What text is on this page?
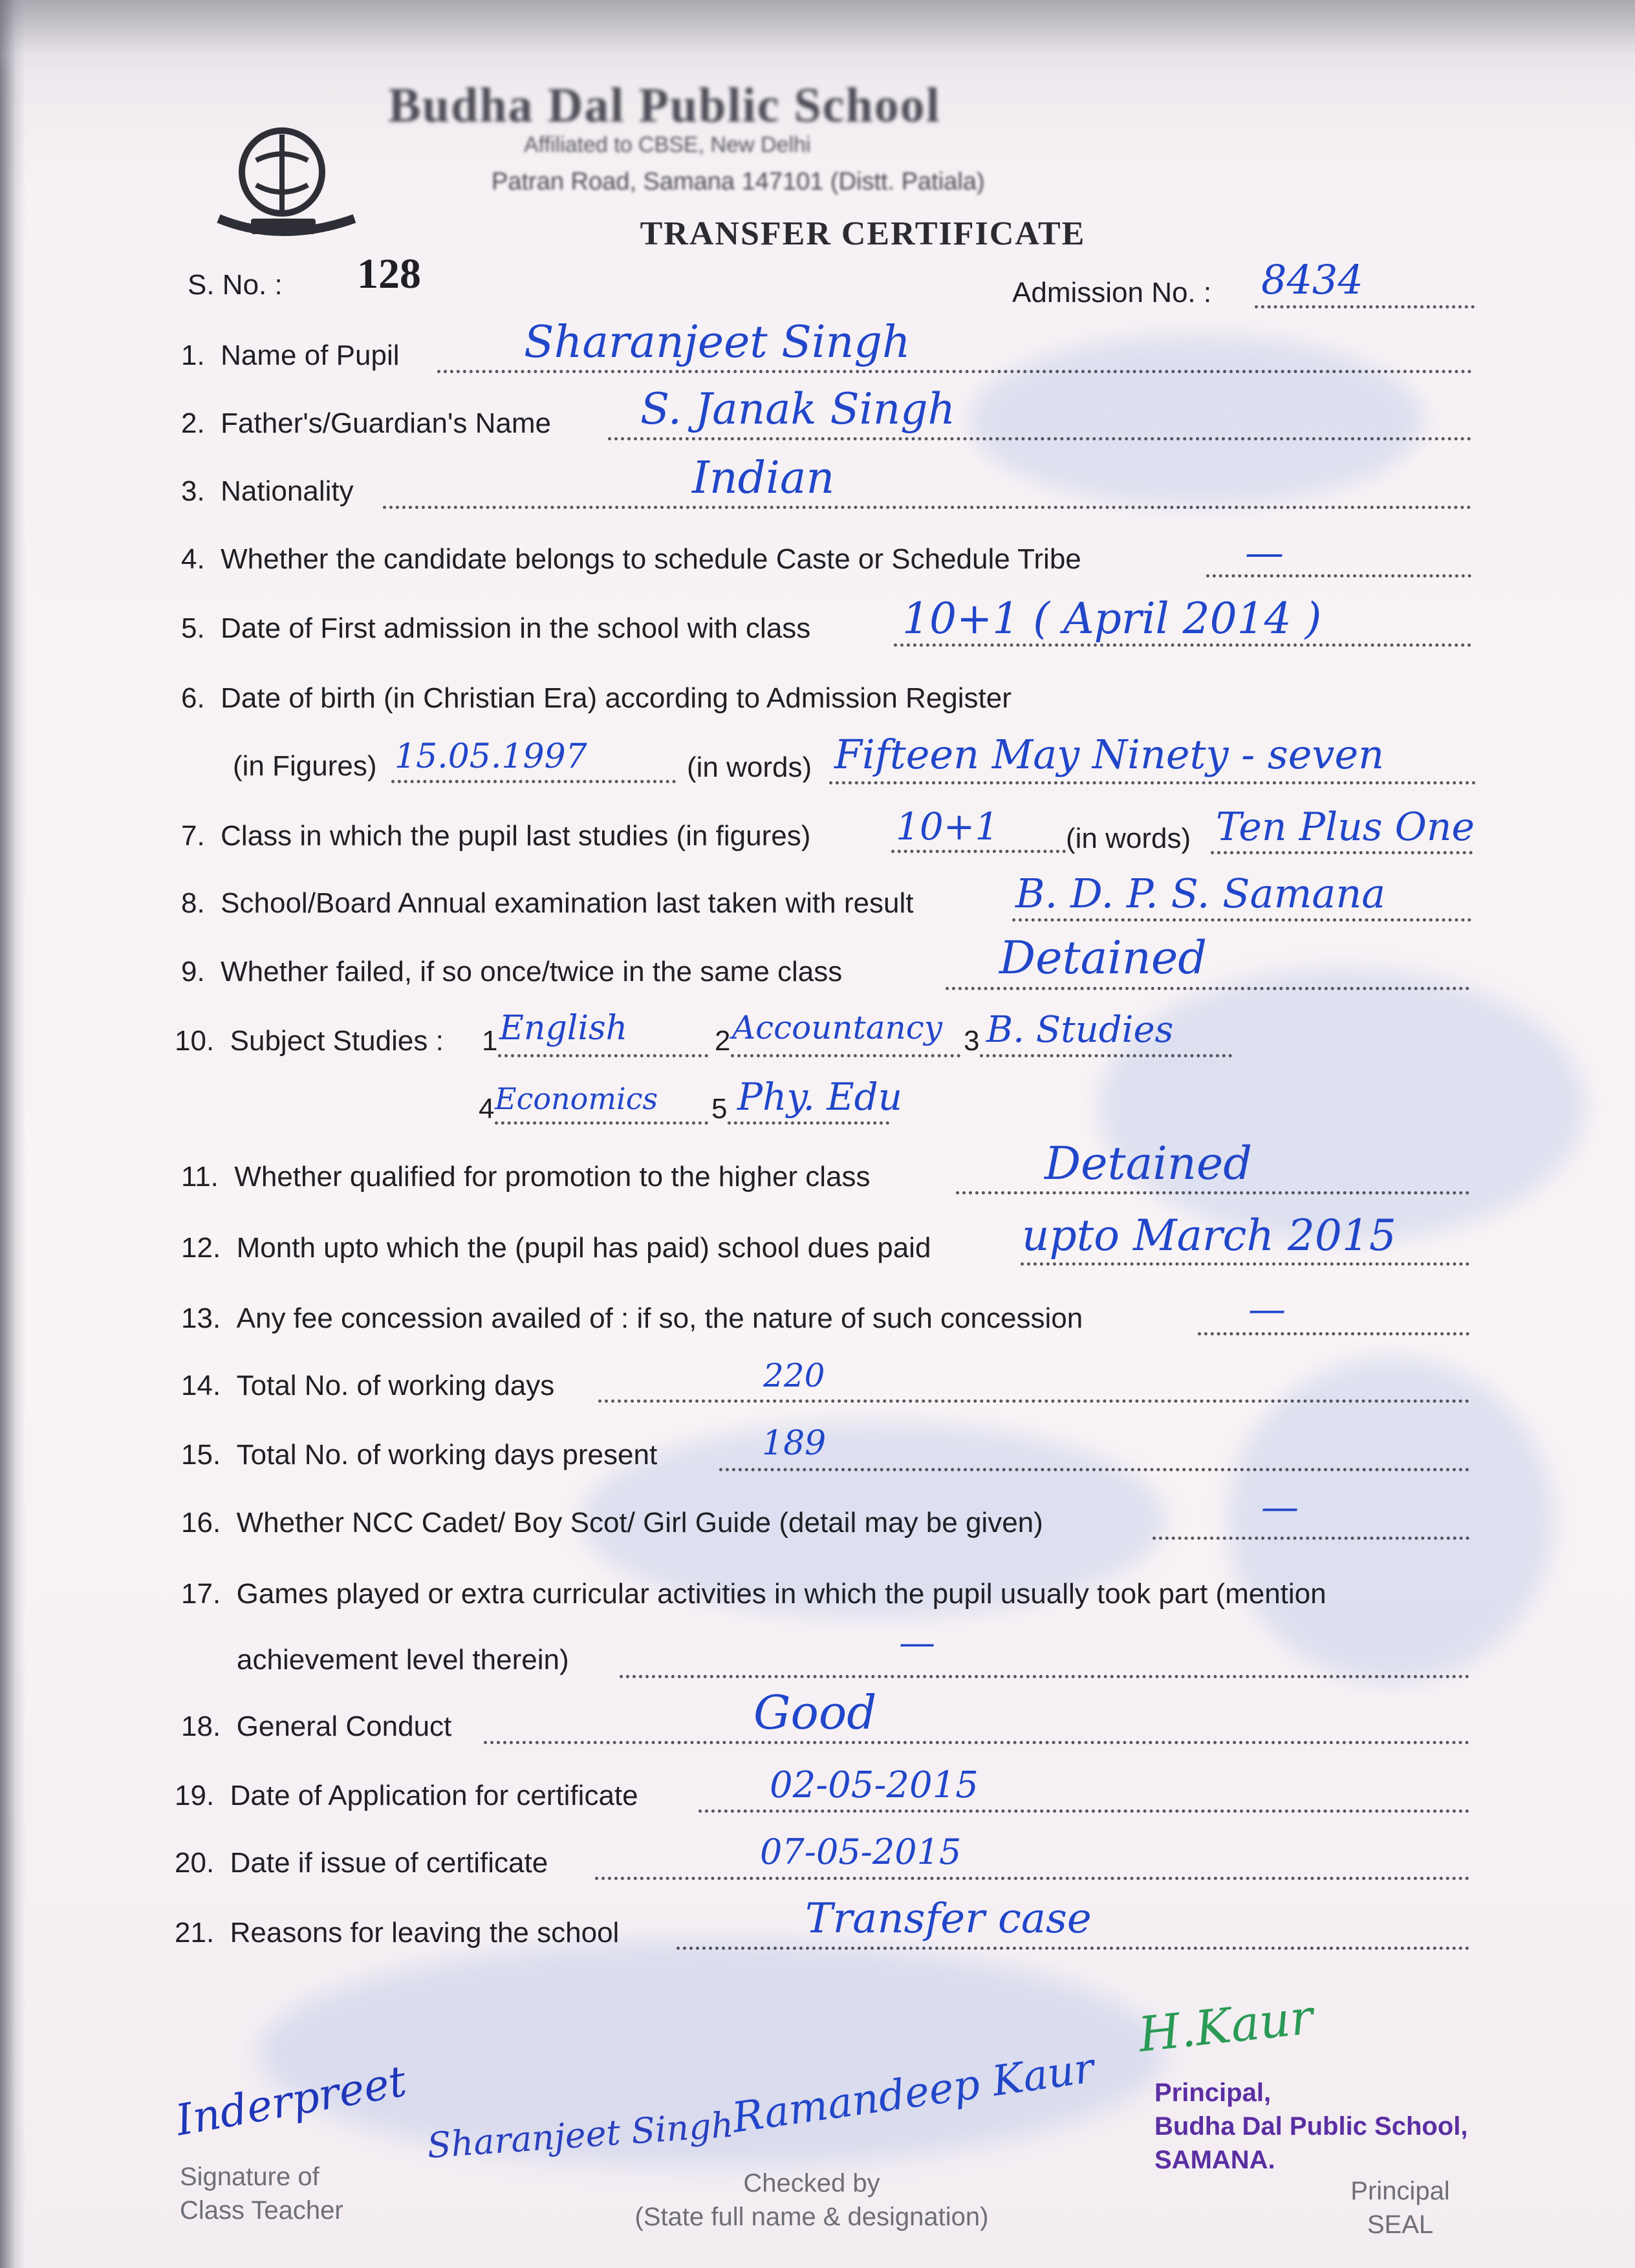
Budha Dal Public School
Affiliated to CBSE, New Delhi
Patran Road, Samana 147101 (Distt. Patiala)
TRANSFER CERTIFICATE
S. No. : 128	Admission No. : 8434
1. Name of Pupil	Sharanjeet Singh
2. Father's/Guardian's Name S. Janak Singh
3. Nationality	Indian
4. Whether the candidate belongs to schedule Caste or Schedule Tribe	—
5. Date of First admission in the school with class 10+1 ( April 2014 )
6. Date of birth (in Christian Era) according to Admission Register
(in Figures) 15.05.1997	(in words) Fifteen May Ninety - seven
7. Class in which the pupil last studies (in figures) 10+1 (in words) Ten Plus One
8. School/Board Annual examination last taken with result	B. D. P. S. Samana
9. Whether failed, if so once/twice in the same class	Detained
10. Subject Studies : 1 English	2 Accountancy 3 B. Studies
4 Economics 5 Phy. Edu
11. Whether qualified for promotion to the higher class	Detained
12. Month upto which the (pupil has paid) school dues paid upto March 2015
13. Any fee concession availed of : if so, the nature of such concession	—
14. Total No. of working days	220
15. Total No. of working days present	189
16. Whether NCC Cadet/ Boy Scot/ Girl Guide (detail may be given)	—
17. Games played or extra curricular activities in which the pupil usually took part (mention
achievement level therein)	—
18. General Conduct	Good
19. Date of Application for certificate	02-05-2015
20. Date if issue of certificate	07-05-2015
21. Reasons for leaving the school	Transfer case
Inderpreet
Signature of
Class Teacher
Sharanjeet Singh
Ramandeep Kaur
Checked by
(State full name & designation)
H.Kaur
Principal,
Budha Dal Public School,
SAMANA.
Principal
SEAL
